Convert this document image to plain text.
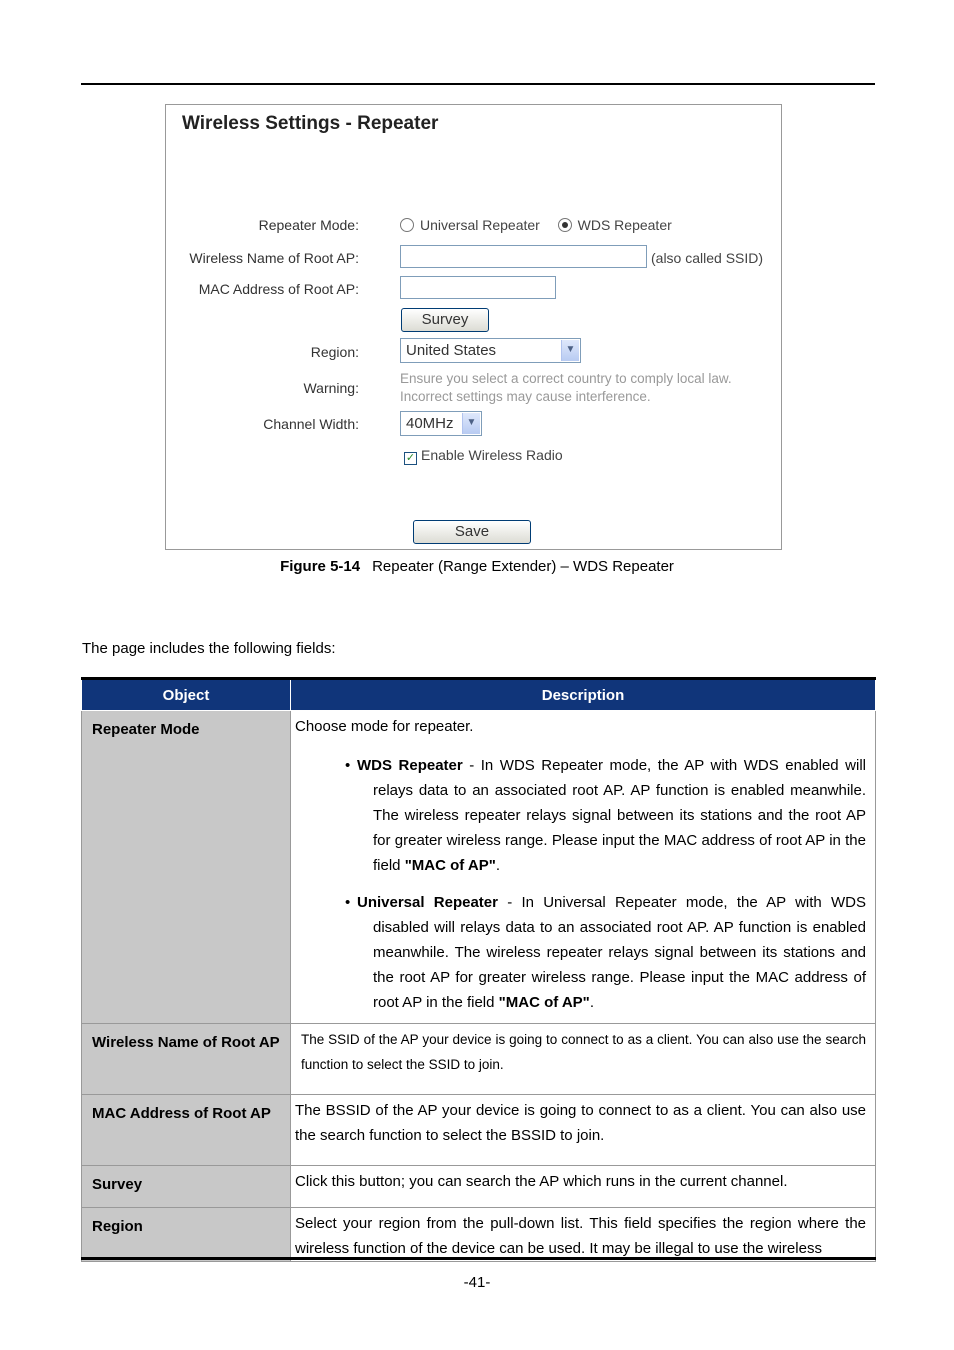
Wireless Settings - Repeater
Repeater Mode:	Universal Repeater	WDS Repeater
Wireless Name of Root AP:	(also called SSID)
MAC Address of Root AP:
Survey
Region:	United States	▼
Warning:
Ensure you select a correct country to comply local law.
Incorrect settings may cause interference.
Channel Width:	40MHz	▼
✓ Enable Wireless Radio
Save
Figure 5-14 Repeater (Range Extender) – WDS Repeater
The page includes the following fields:
Object	Description
Repeater Mode	Choose mode for repeater.
• WDS Repeater - In WDS Repeater mode, the AP with WDS enabled will relays data to an associated root AP. AP function is enabled meanwhile. The wireless repeater relays signal between its stations and the root AP for greater wireless range. Please input the MAC address of root AP in the field "MAC of AP".
• Universal Repeater - In Universal Repeater mode, the AP with WDS disabled will relays data to an associated root AP. AP function is enabled meanwhile. The wireless repeater relays signal between its stations and the root AP for greater wireless range. Please input the MAC address of root AP in the field "MAC of AP".

Wireless Name of Root AP	The SSID of the AP your device is going to connect to as a client. You can also use the search function to select the SSID to join.
MAC Address of Root AP	The BSSID of the AP your device is going to connect to as a client. You can also use the search function to select the BSSID to join.
Survey	Click this button; you can search the AP which runs in the current channel.
Region	Select your region from the pull-down list. This field specifies the region where the wireless function of the device can be used. It may be illegal to use the wireless
-41-
